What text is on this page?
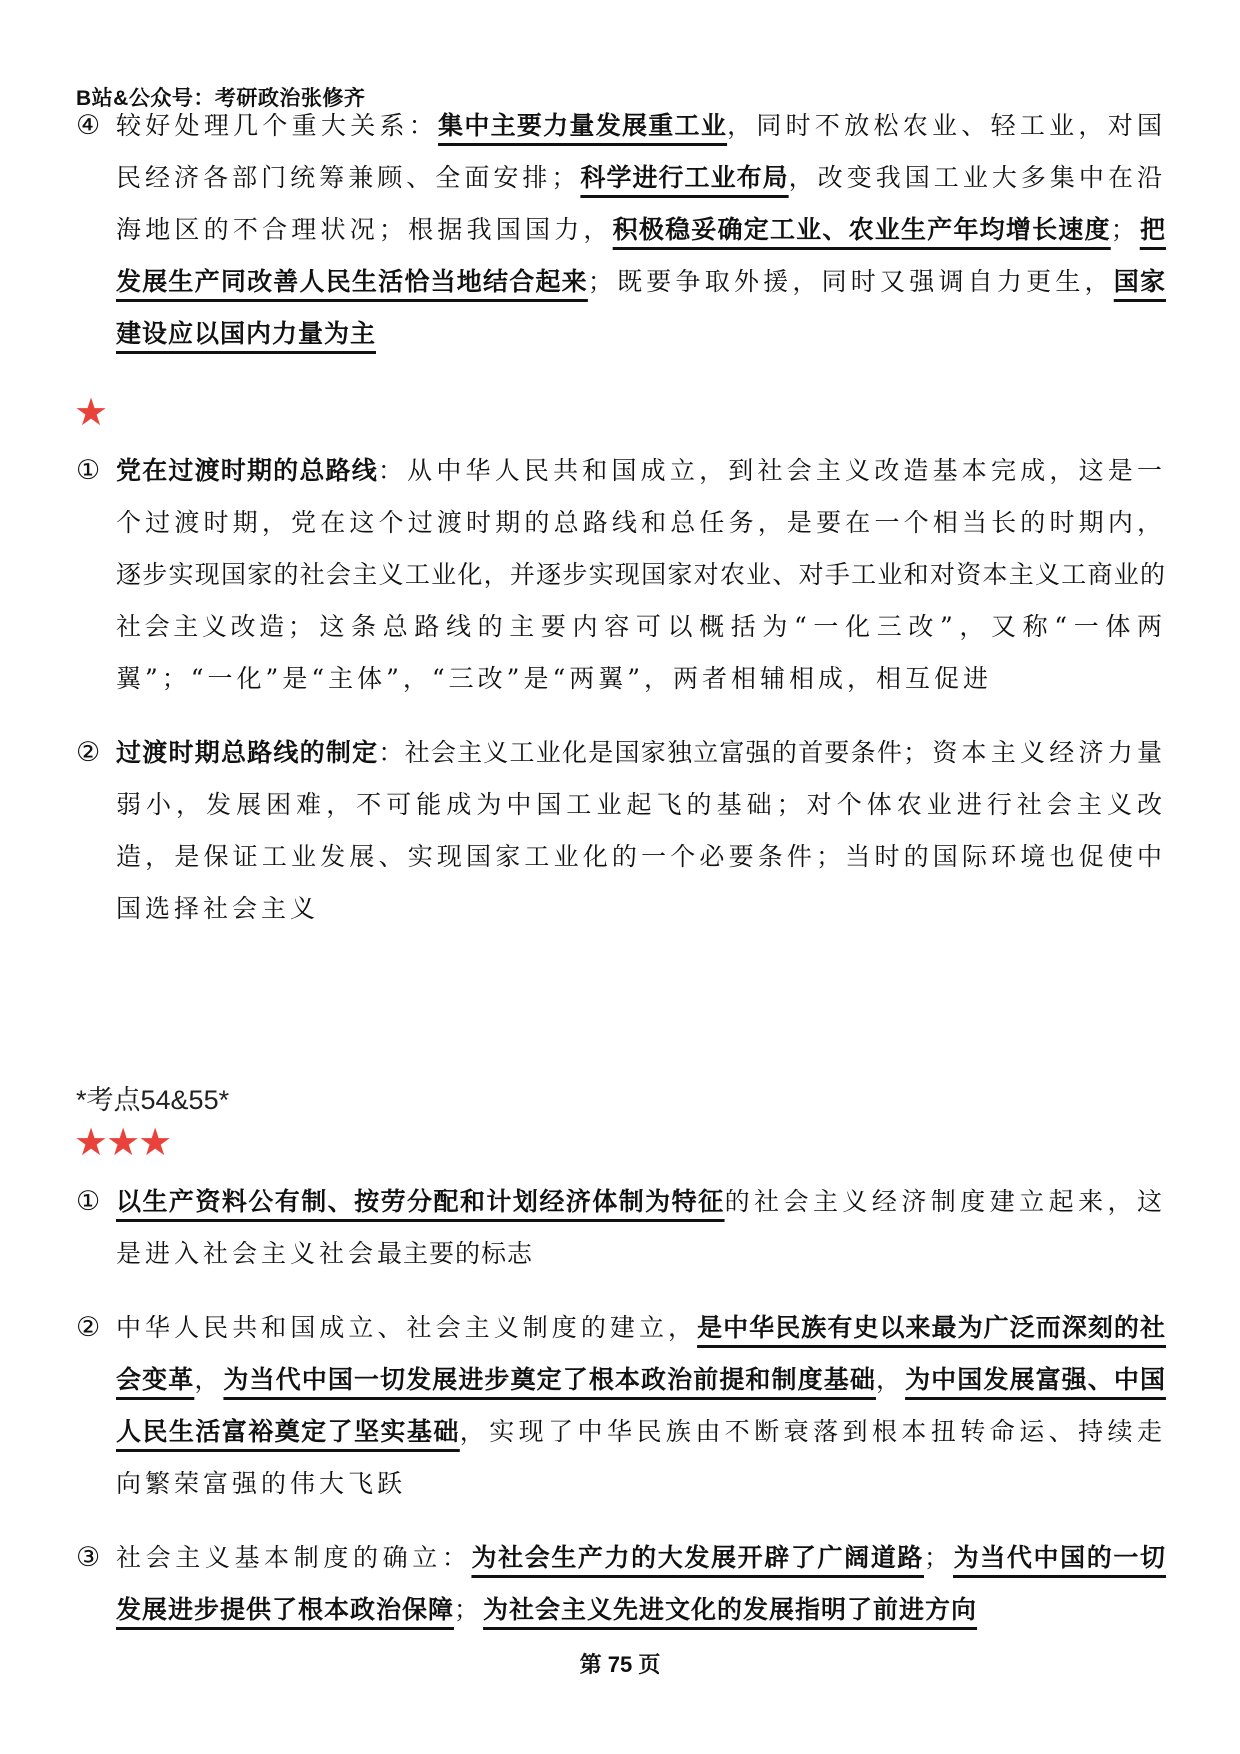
B站&公众号：考研政治张修齐
④ 较好处理几个重大关系：集中主要力量发展重工业，同时不放松农业、轻工业，对国民经济各部门统筹兼顾、全面安排；科学进行工业布局，改变我国工业大多集中在沿海地区的不合理状况；根据我国国力，积极稳妥确定工业、农业生产年均增长速度；把发展生产同改善人民生活恰当地结合起来；既要争取外援，同时又强调自力更生，国家建设应以国内力量为主
★
① 党在过渡时期的总路线：从中华人民共和国成立，到社会主义改造基本完成，这是一个过渡时期，党在这个过渡时期的总路线和总任务，是要在一个相当长的时期内，逐步实现国家的社会主义工业化，并逐步实现国家对农业、对手工业和对资本主义工商业的社会主义改造；这条总路线的主要内容可以概括为“一化三改”，又称“一体两翼”；“一化”是“主体”，“三改”是“两翼”，两者相辅相成，相互促进
② 过渡时期总路线的制定：社会主义工业化是国家独立富强的首要条件；资本主义经济力量弱小，发展困难，不可能成为中国工业起飞的基础；对个体农业进行社会主义改造，是保证工业发展、实现国家工业化的一个必要条件；当时的国际环境也促使中国选择社会主义
*考点54&55*
★★★
① 以生产资料公有制、按劳分配和计划经济体制为特征的社会主义经济制度建立起来，这是进入社会主义社会最主要的标志
② 中华人民共和国成立、社会主义制度的建立，是中华民族有史以来最为广泛而深刻的社会变革，为当代中国一切发展进步奠定了根本政治前提和制度基础，为中国发展富强、中国人民生活富裕奠定了坚实基础，实现了中华民族由不断衰落到根本扭转命运、持续走向繁荣富强的伟大飞跃
③ 社会主义基本制度的确立：为社会生产力的大发展开辟了广阔道路；为当代中国的一切发展进步提供了根本政治保障；为社会主义先进文化的发展指明了前进方向
第 75 页
